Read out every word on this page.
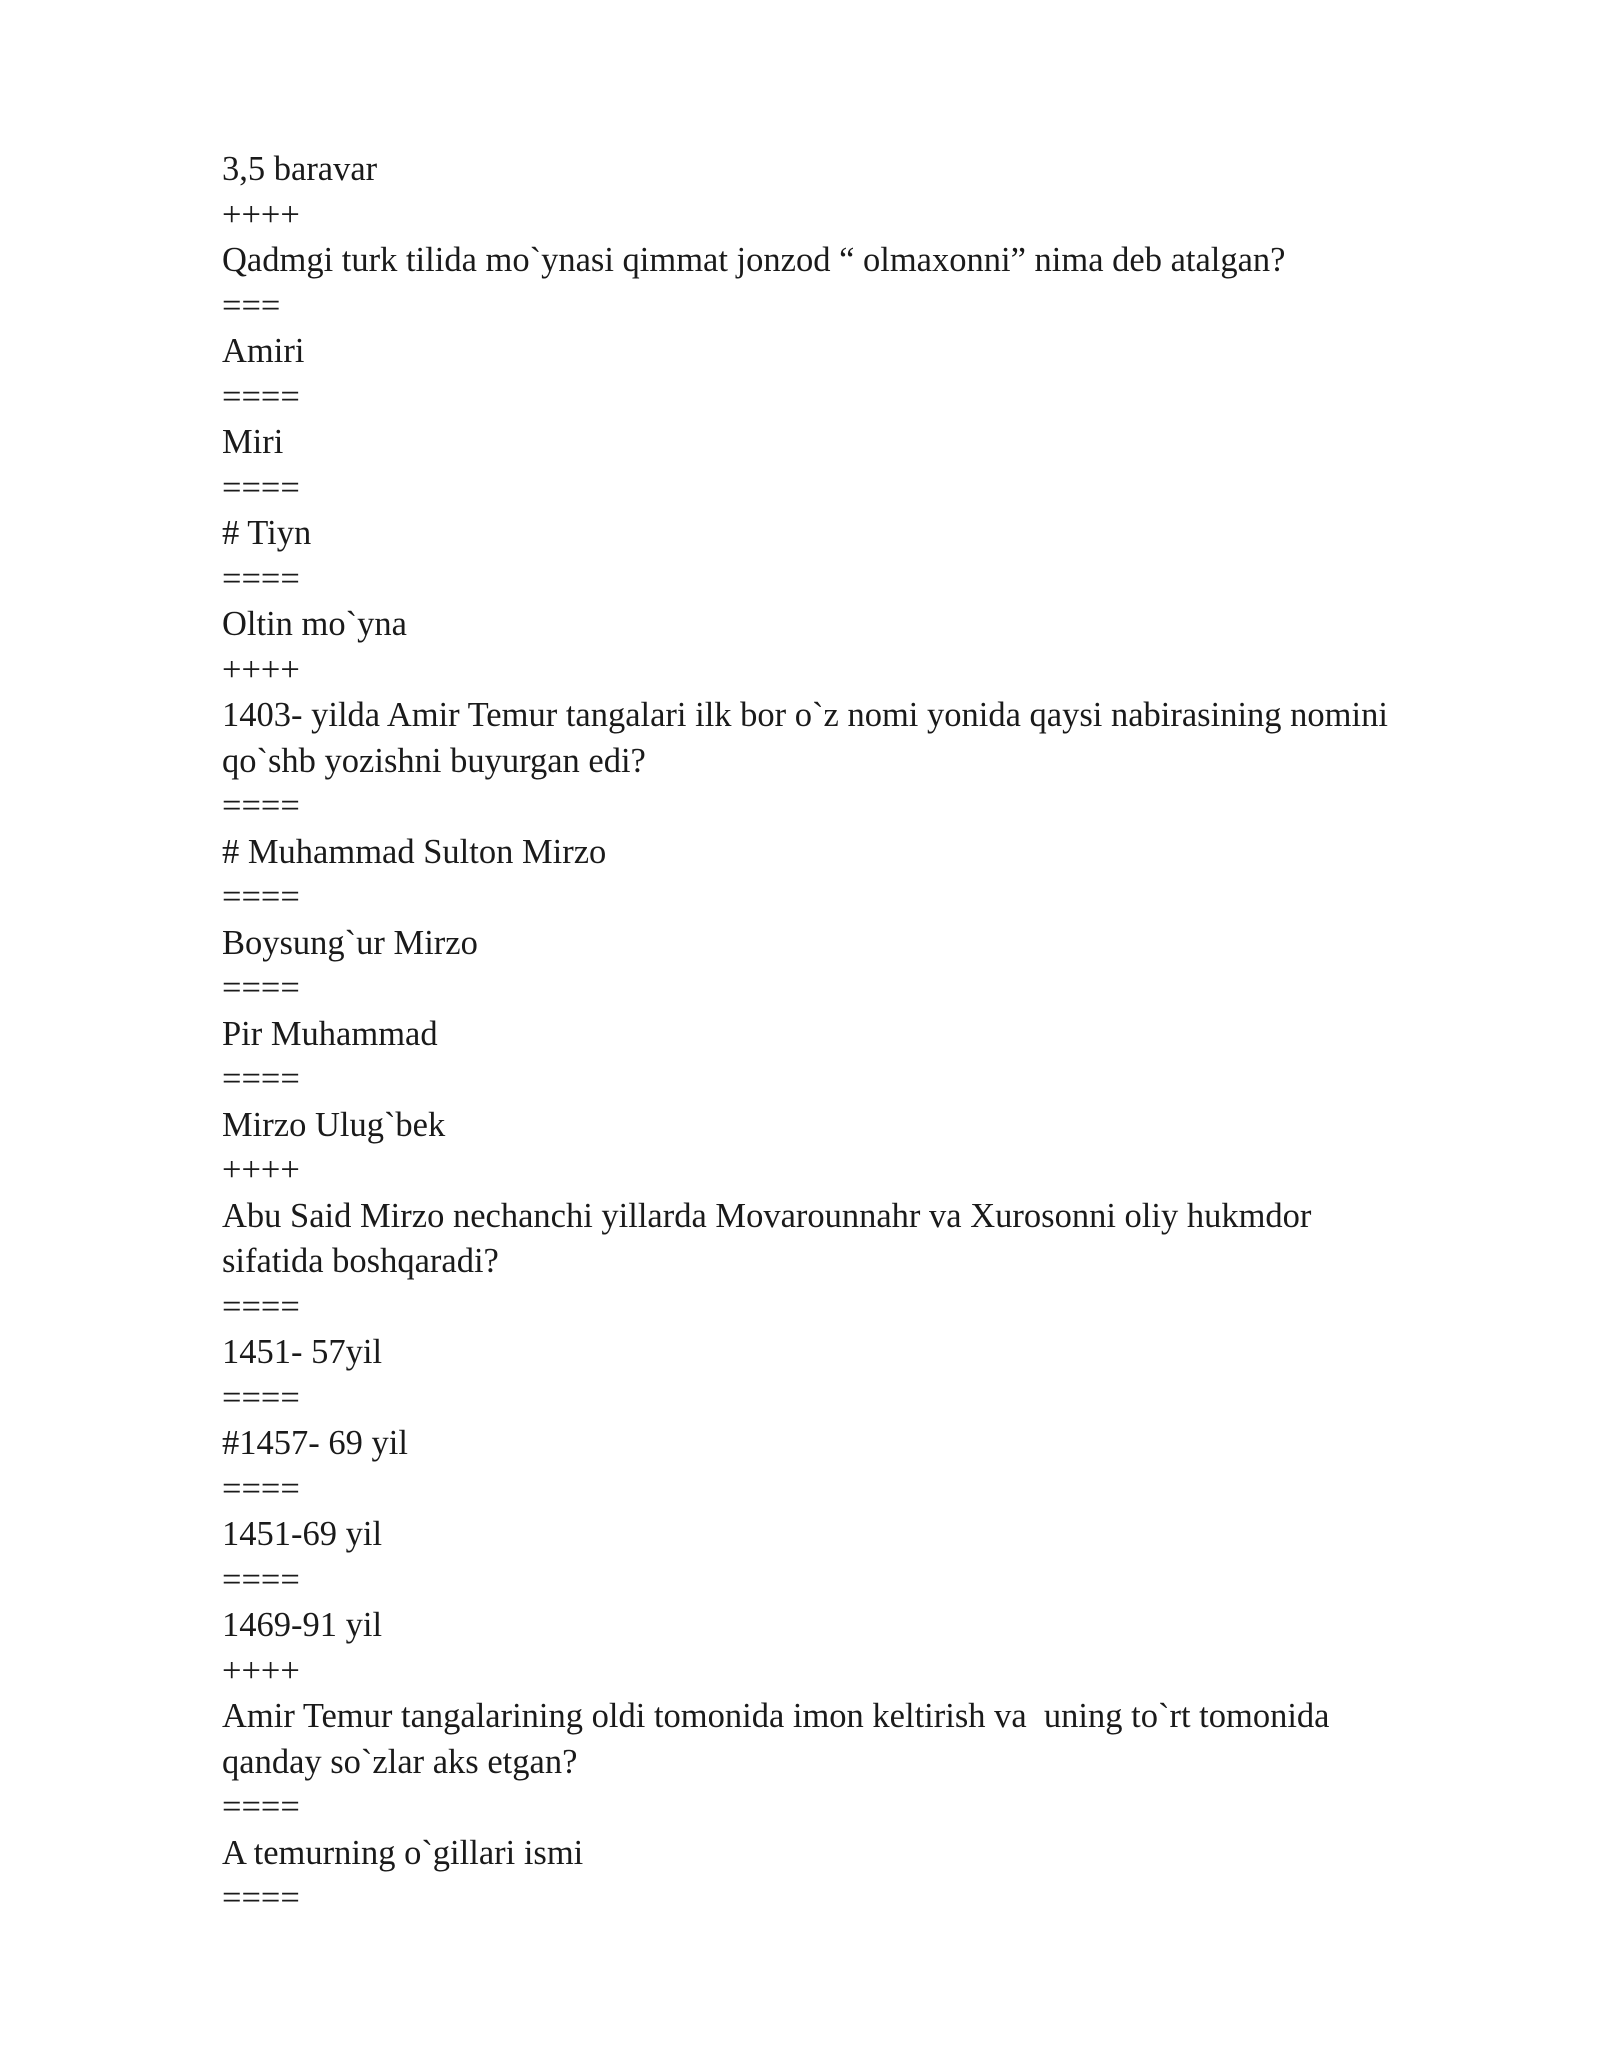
3,5 baravar
++++
Qadmgi turk tilida mo`ynasi qimmat jonzod “ olmaxonni” nima deb atalgan?
===
Amiri
====
Miri
====
# Tiyn
====
Oltin mo`yna
++++
1403- yilda Amir Temur tangalari ilk bor o`z nomi yonida qaysi nabirasining nomini
qo`shb yozishni buyurgan edi?
====
# Muhammad Sulton Mirzo
====
Boysung`ur Mirzo
====
Pir Muhammad
====
Mirzo Ulug`bek
++++
Abu Said Mirzo nechanchi yillarda Movarounnahr va Xurosonni oliy hukmdor
sifatida boshqaradi?
====
1451- 57yil
====
#1457- 69 yil
====
1451-69 yil
====
1469-91 yil
++++
Amir Temur tangalarining oldi tomonida imon keltirish va  uning to`rt tomonida
qanday so`zlar aks etgan?
====
A temurning o`gillari ismi
====
